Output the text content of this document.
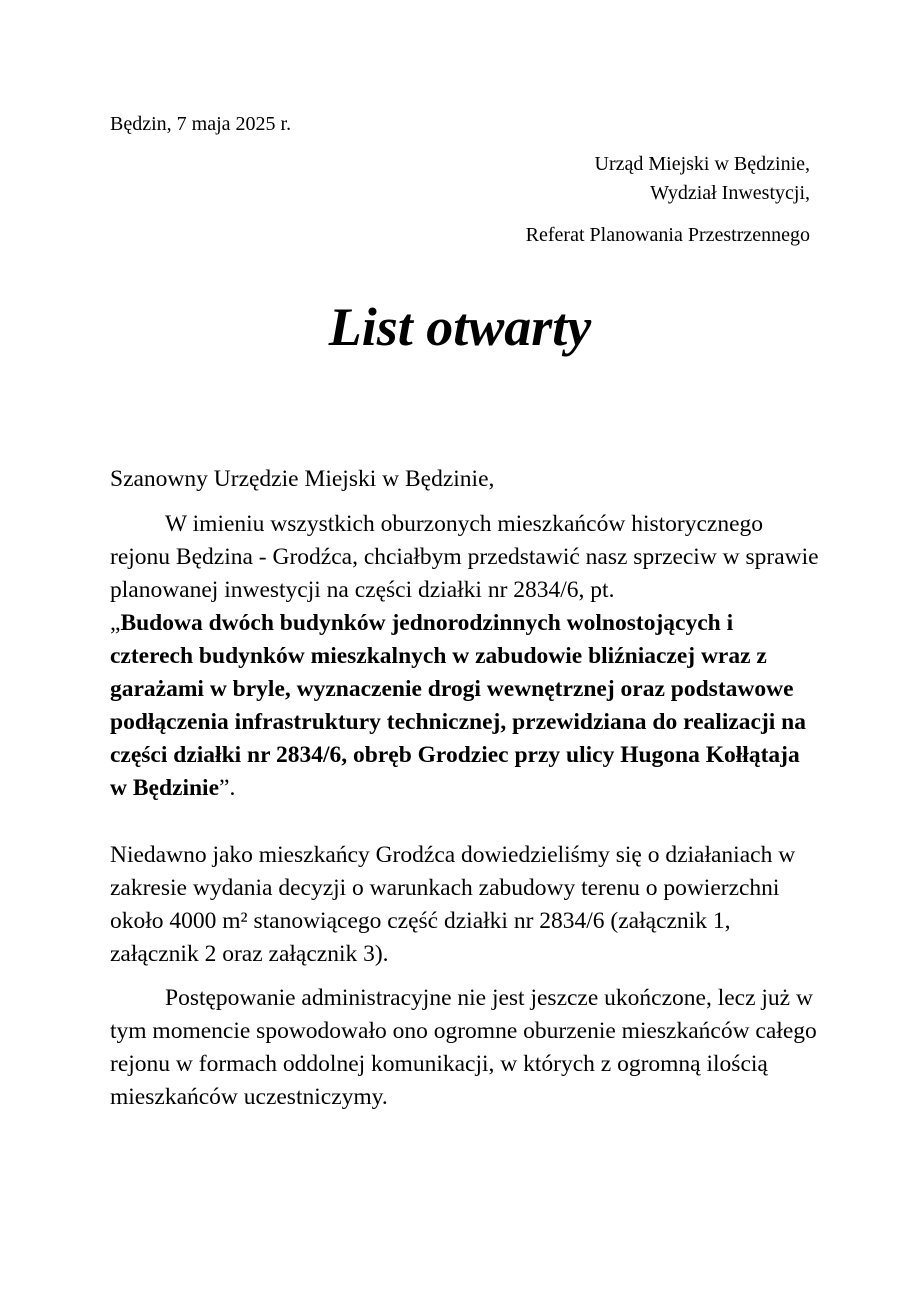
Będzin, 7 maja 2025 r.
Urząd Miejski w Będzinie,
Wydział Inwestycji,
Referat Planowania Przestrzennego
List otwarty
Szanowny Urzędzie Miejski w Będzinie,
W imieniu wszystkich oburzonych mieszkańców historycznego rejonu Będzina - Grodźca, chciałbym przedstawić nasz sprzeciw w sprawie planowanej inwestycji na części działki nr 2834/6, pt.
„Budowa dwóch budynków jednorodzinnych wolnostojących i czterech budynków mieszkalnych w zabudowie bliźniaczej wraz z garażami w bryle, wyznaczenie drogi wewnętrznej oraz podstawowe podłączenia infrastruktury technicznej, przewidziana do realizacji na części działki nr 2834/6, obręb Grodziec przy ulicy Hugona Kołłątaja w Będzinie”.
Niedawno jako mieszkańcy Grodźca dowiedzieliśmy się o działaniach w zakresie wydania decyzji o warunkach zabudowy terenu o powierzchni około 4000 m² stanowiącego część działki nr 2834/6 (załącznik 1, załącznik 2 oraz załącznik 3).
Postępowanie administracyjne nie jest jeszcze ukończone, lecz już w tym momencie spowodowało ono ogromne oburzenie mieszkańców całego rejonu w formach oddolnej komunikacji, w których z ogromną ilością mieszkańców uczestniczymy.
